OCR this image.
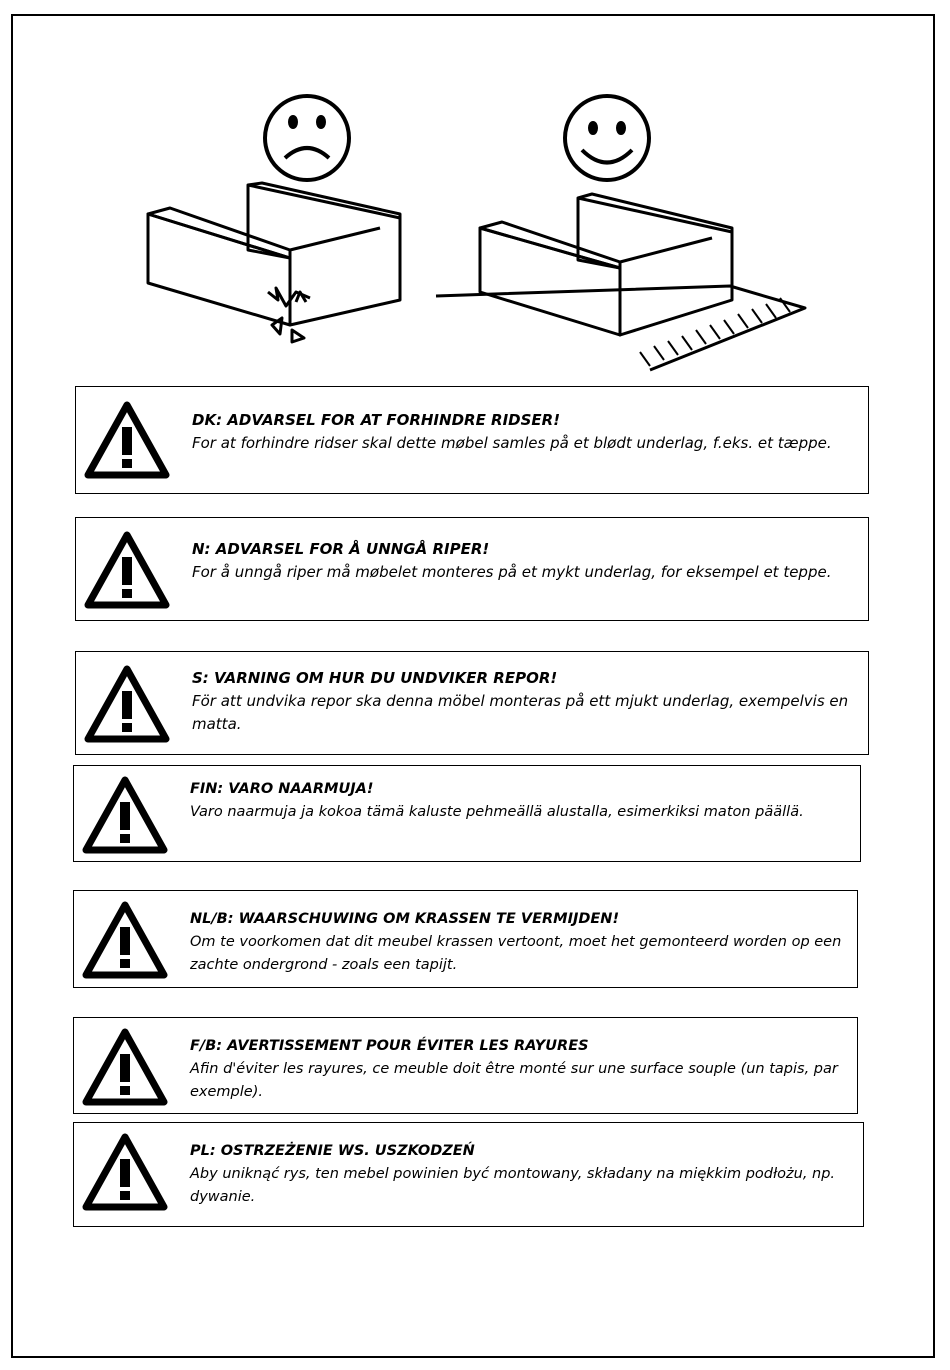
DK: ADVARSEL FOR AT FORHINDRE RIDSER!
For at forhindre ridser skal dette møbel samles på et blødt underlag, f.eks. et tæppe.
N: ADVARSEL FOR Å UNNGÅ RIPER!
For å unngå riper må møbelet monteres på et mykt underlag, for eksempel et teppe.
S: VARNING OM HUR DU UNDVIKER REPOR!
För att undvika repor ska denna möbel monteras på ett mjukt underlag, exempelvis en matta.
FIN: VARO NAARMUJA!
Varo naarmuja ja kokoa tämä kaluste pehmeällä alustalla, esimerkiksi maton päällä.
NL/B: WAARSCHUWING OM KRASSEN TE VERMIJDEN!
Om te voorkomen dat dit meubel krassen vertoont, moet het gemonteerd worden op een zachte ondergrond - zoals een tapijt.
F/B: AVERTISSEMENT POUR ÉVITER LES RAYURES
Afin d'éviter les rayures, ce meuble doit être monté sur une surface souple (un tapis, par exemple).
PL: OSTRZEŻENIE WS. USZKODZEŃ
Aby uniknąć rys, ten mebel powinien być montowany, składany na miękkim podłożu, np. dywanie.
